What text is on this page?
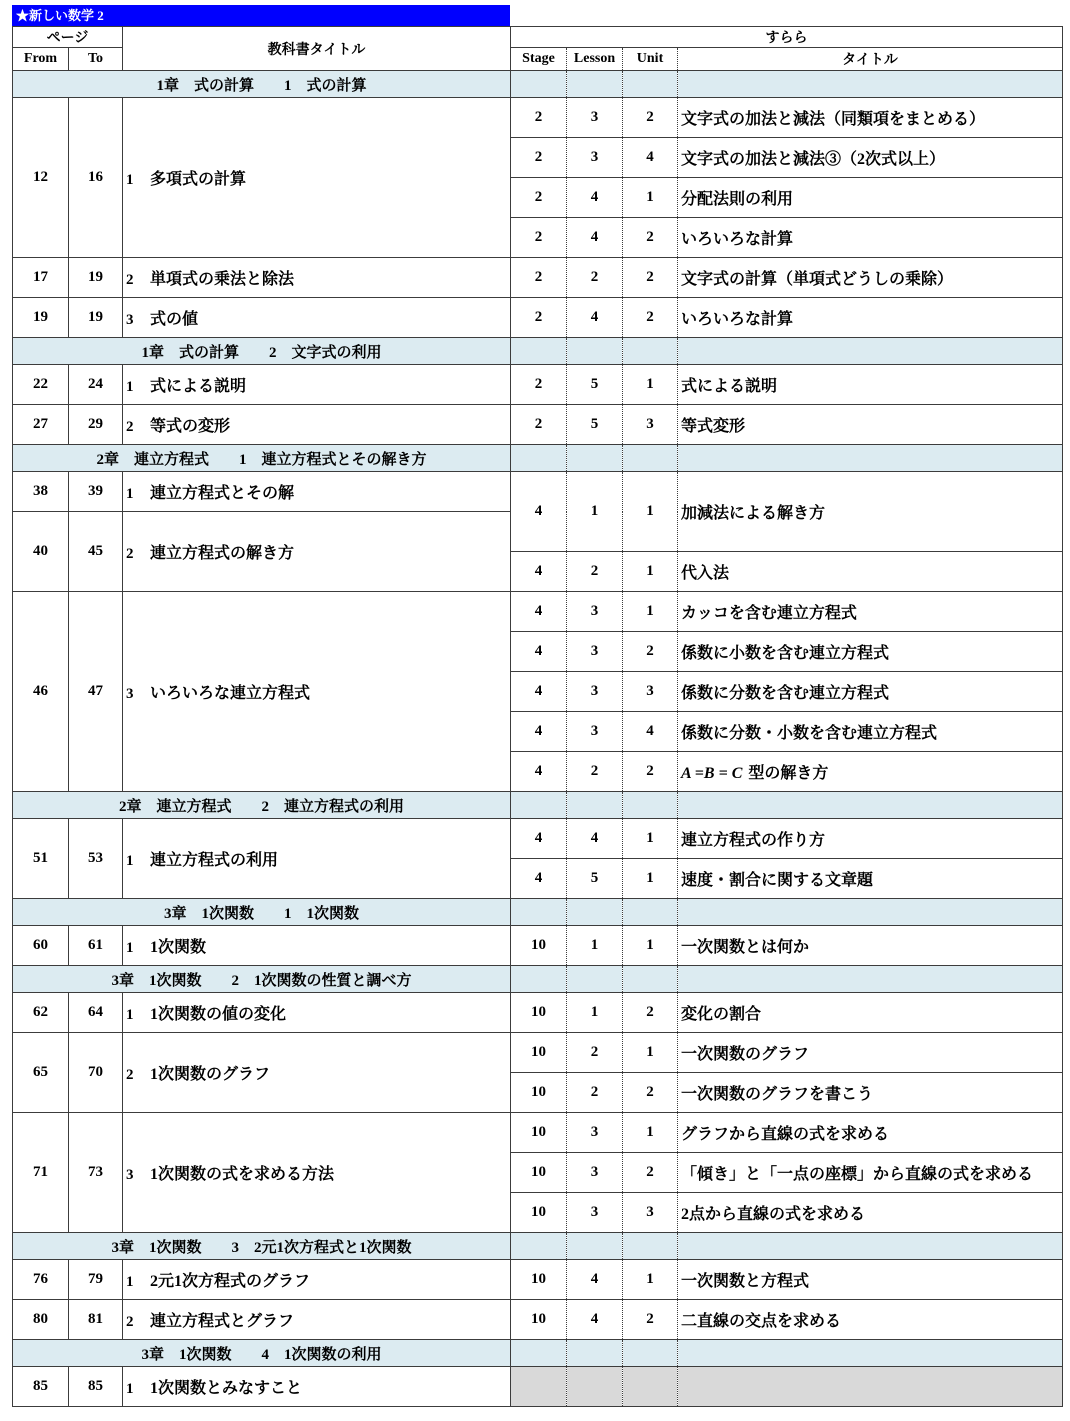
★新しい数学 2
ページ		教科書タイトル	すらら			
From	To		Stage	Lesson	Unit	タイトル
1章　式の計算　　1　式の計算						
12	16	1 多項式の計算	2	3	2	文字式の加法と減法（同類項をまとめる）
			2	3	4	文字式の加法と減法③（2次式以上）
			2	4	1	分配法則の利用
			2	4	2	いろいろな計算
17	19	2 単項式の乗法と除法	2	2	2	文字式の計算（単項式どうしの乗除）
19	19	3 式の値	2	4	2	いろいろな計算
1章　式の計算　　2　文字式の利用						
22	24	1 式による説明	2	5	1	式による説明
27	29	2 等式の変形	2	5	3	等式変形
2章　連立方程式　　1　連立方程式とその解き方						
38	39	1 連立方程式とその解	4	1	1	加減法による解き方
40	45	2 連立方程式の解き方				
			4	2	1	代入法
46	47	3 いろいろな連立方程式	4	3	1	カッコを含む連立方程式
			4	3	2	係数に小数を含む連立方程式
			4	3	3	係数に分数を含む連立方程式
			4	3	4	係数に分数・小数を含む連立方程式
			4	2	2	A =B = C 型の解き方
2章　連立方程式　　2　連立方程式の利用						
51	53	1 連立方程式の利用	4	4	1	連立方程式の作り方
			4	5	1	速度・割合に関する文章題
3章　1次関数　　1　1次関数						
60	61	1 1次関数	10	1	1	一次関数とは何か
3章　1次関数　　2　1次関数の性質と調べ方						
62	64	1 1次関数の値の変化	10	1	2	変化の割合
65	70	2 1次関数のグラフ	10	2	1	一次関数のグラフ
			10	2	2	一次関数のグラフを書こう
71	73	3 1次関数の式を求める方法	10	3	1	グラフから直線の式を求める
			10	3	2	「傾き」と「一点の座標」から直線の式を求める
			10	3	3	2点から直線の式を求める
3章　1次関数　　3　2元1次方程式と1次関数						
76	79	1 2元1次方程式のグラフ	10	4	1	一次関数と方程式
80	81	2 連立方程式とグラフ	10	4	2	二直線の交点を求める
3章　1次関数　　4　1次関数の利用						
85	85	1 1次関数とみなすこと				
